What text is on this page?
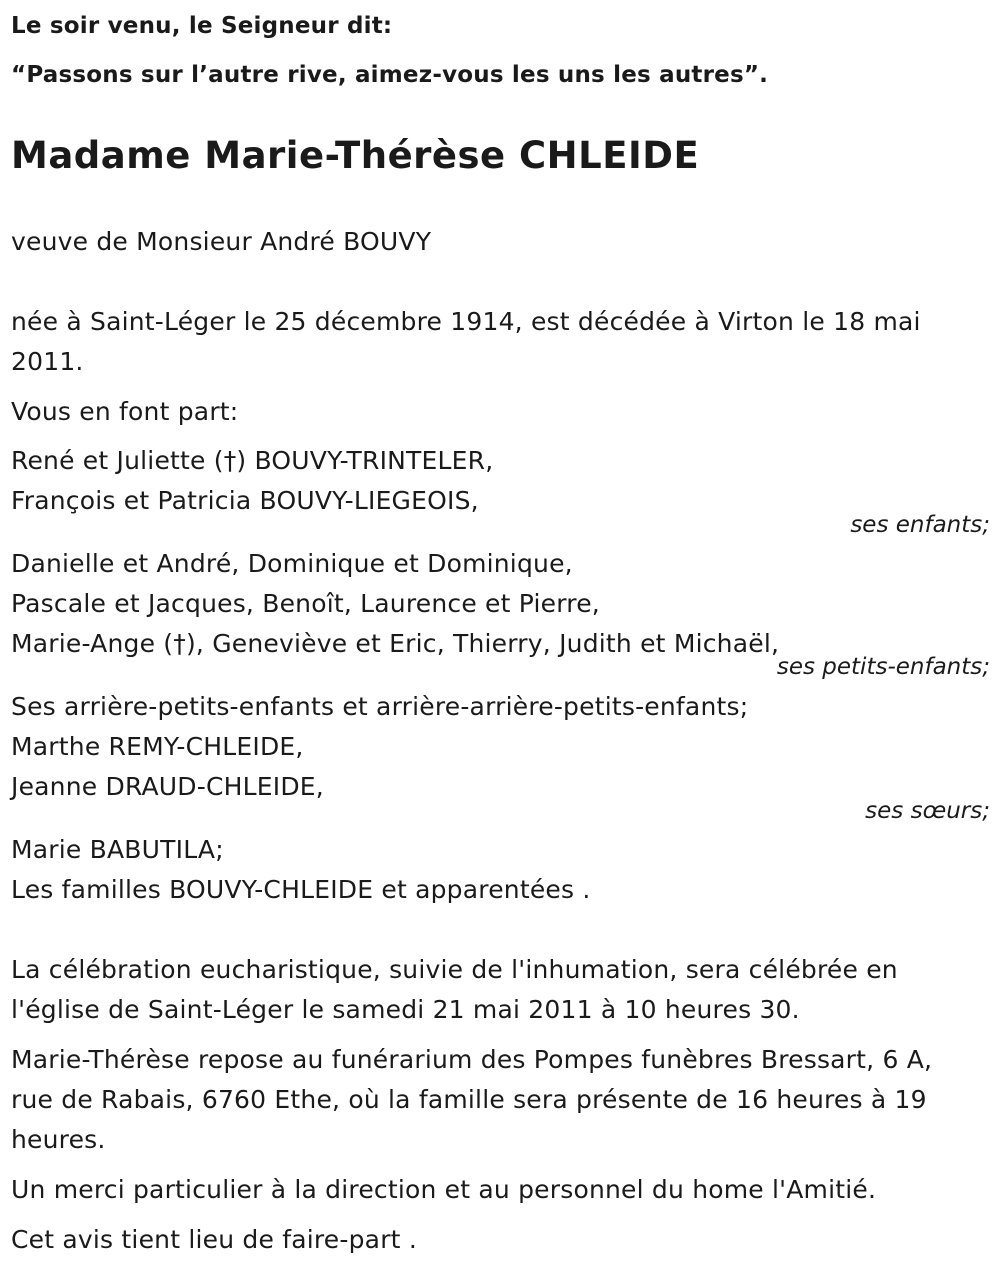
Le soir venu, le Seigneur dit:
“Passons sur l’autre rive, aimez-vous les uns les autres”.
Madame Marie-Thérèse CHLEIDE
veuve de Monsieur André BOUVY
née à Saint-Léger le 25 décembre 1914, est décédée à Virton le 18 mai
2011.
Vous en font part:
René et Juliette (†) BOUVY-TRINTELER,
François et Patricia BOUVY-LIEGEOIS,
ses enfants;
Danielle et André, Dominique et Dominique,
Pascale et Jacques, Benoît, Laurence et Pierre,
Marie-Ange (†), Geneviève et Eric, Thierry, Judith et Michaël,
ses petits-enfants;
Ses arrière-petits-enfants et arrière-arrière-petits-enfants;
Marthe REMY-CHLEIDE,
Jeanne DRAUD-CHLEIDE,
ses sœurs;
Marie BABUTILA;
Les familles BOUVY-CHLEIDE et apparentées .
La célébration eucharistique, suivie de l'inhumation, sera célébrée en
l'église de Saint-Léger le samedi 21 mai 2011 à 10 heures 30.
Marie-Thérèse repose au funérarium des Pompes funèbres Bressart, 6 A,
rue de Rabais, 6760 Ethe, où la famille sera présente de 16 heures à 19
heures.
Un merci particulier à la direction et au personnel du home l'Amitié.
Cet avis tient lieu de faire-part .
